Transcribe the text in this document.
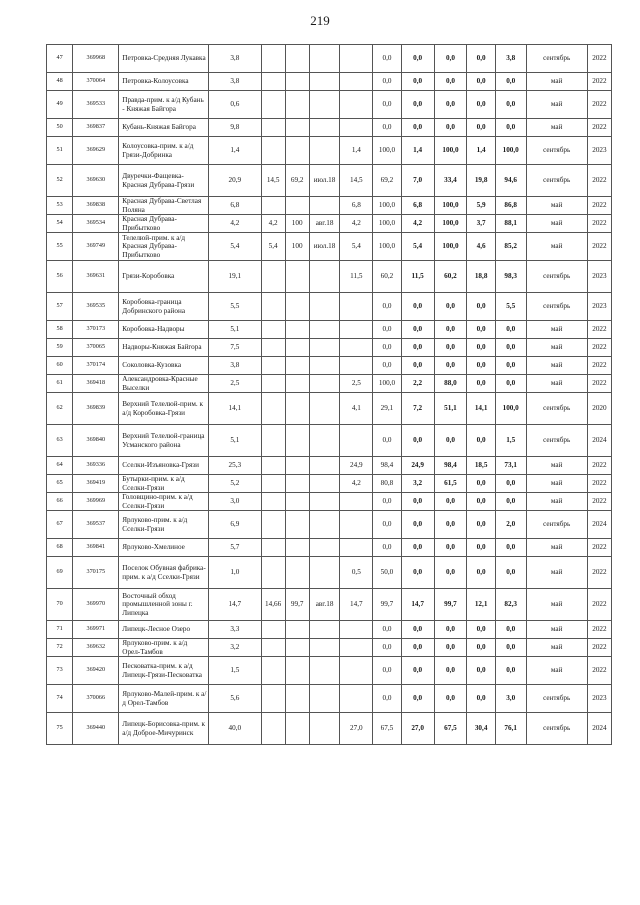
219
47	369968	Петровка-Средняя Лукавка	3,8					0,0	0,0	0,0	0,0	3,8	сентябрь	2022
48	370064	Петровка-Колоусовка	3,8					0,0	0,0	0,0	0,0	0,0	май	2022
49	369533	Правда-прим. к а/д Кубань - Княжая Байгора	0,6					0,0	0,0	0,0	0,0	0,0	май	2022
50	369837	Кубань-Княжая Байгора	9,8					0,0	0,0	0,0	0,0	0,0	май	2022
51	369629	Колоусовка-прим. к а/д Грязи-Добринка	1,4				1,4	100,0	1,4	100,0	1,4	100,0	сентябрь	2023
52	369630	Двуречки-Фащевка-Красная Дубрава-Грязи	20,9	14,5	69,2	июл.18	14,5	69,2	7,0	33,4	19,8	94,6	сентябрь	2022
53	369838	Красная Дубрава-Светлая Поляна	6,8				6,8	100,0	6,8	100,0	5,9	86,8	май	2022
54	369534	Красная Дубрава-Прибытково	4,2	4,2	100	авг.18	4,2	100,0	4,2	100,0	3,7	88,1	май	2022
55	369749	Телелюй-прим. к а/д Красная Дубрава-Прибытково	5,4	5,4	100	июл.18	5,4	100,0	5,4	100,0	4,6	85,2	май	2022
56	369631	Грязи-Коробовка	19,1				11,5	60,2	11,5	60,2	18,8	98,3	сентябрь	2023
57	369535	Коробовка-граница Добринского района	5,5					0,0	0,0	0,0	0,0	5,5	сентябрь	2023
58	370173	Коробовка-Надворы	5,1					0,0	0,0	0,0	0,0	0,0	май	2022
59	370065	Надворы-Княжая Байгора	7,5					0,0	0,0	0,0	0,0	0,0	май	2022
60	370174	Соколовка-Кузовка	3,8					0,0	0,0	0,0	0,0	0,0	май	2022
61	369418	Александровка-Красные Выселки	2,5				2,5	100,0	2,2	88,0	0,0	0,0	май	2022
62	369839	Верхний Телелюй-прим. к а/д Коробовка-Грязи	14,1				4,1	29,1	7,2	51,1	14,1	100,0	сентябрь	2020
63	369840	Верхний Телелюй-граница Усманского района	5,1					0,0	0,0	0,0	0,0	1,5	сентябрь	2024
64	369336	Сселки-Изъяновка-Грязи	25,3				24,9	98,4	24,9	98,4	18,5	73,1	май	2022
65	369419	Бутырки-прим. к а/д Сселки-Грязи	5,2				4,2	80,8	3,2	61,5	0,0	0,0	май	2022
66	369969	Головщино-прим. к а/д Сселки-Грязи	3,0					0,0	0,0	0,0	0,0	0,0	май	2022
67	369537	Ярлуково-прим. к а/д Сселки-Грязи	6,9					0,0	0,0	0,0	0,0	2,0	сентябрь	2024
68	369841	Ярлуково-Хмелиное	5,7					0,0	0,0	0,0	0,0	0,0	май	2022
69	370175	Поселок Обувная фабрика-прим. к а/д Сселки-Грязи	1,0				0,5	50,0	0,0	0,0	0,0	0,0	май	2022
70	369970	Восточный обход промышленной зоны г. Липецка	14,7	14,66	99,7	авг.18	14,7	99,7	14,7	99,7	12,1	82,3	май	2022
71	369971	Липецк-Лесное Озеро	3,3					0,0	0,0	0,0	0,0	0,0	май	2022
72	369632	Ярлуково-прим. к а/д Орел-Тамбов	3,2					0,0	0,0	0,0	0,0	0,0	май	2022
73	369420	Песковатка-прим. к а/д Липецк-Грязи-Песковатка	1,5					0,0	0,0	0,0	0,0	0,0	май	2022
74	370066	Ярлуково-Малей-прим. к а/д Орел-Тамбов	5,6					0,0	0,0	0,0	0,0	3,0	сентябрь	2023
75	369440	Липецк-Борисовка-прим. к а/д Доброе-Мичуринск	40,0				27,0	67,5	27,0	67,5	30,4	76,1	сентябрь	2024
